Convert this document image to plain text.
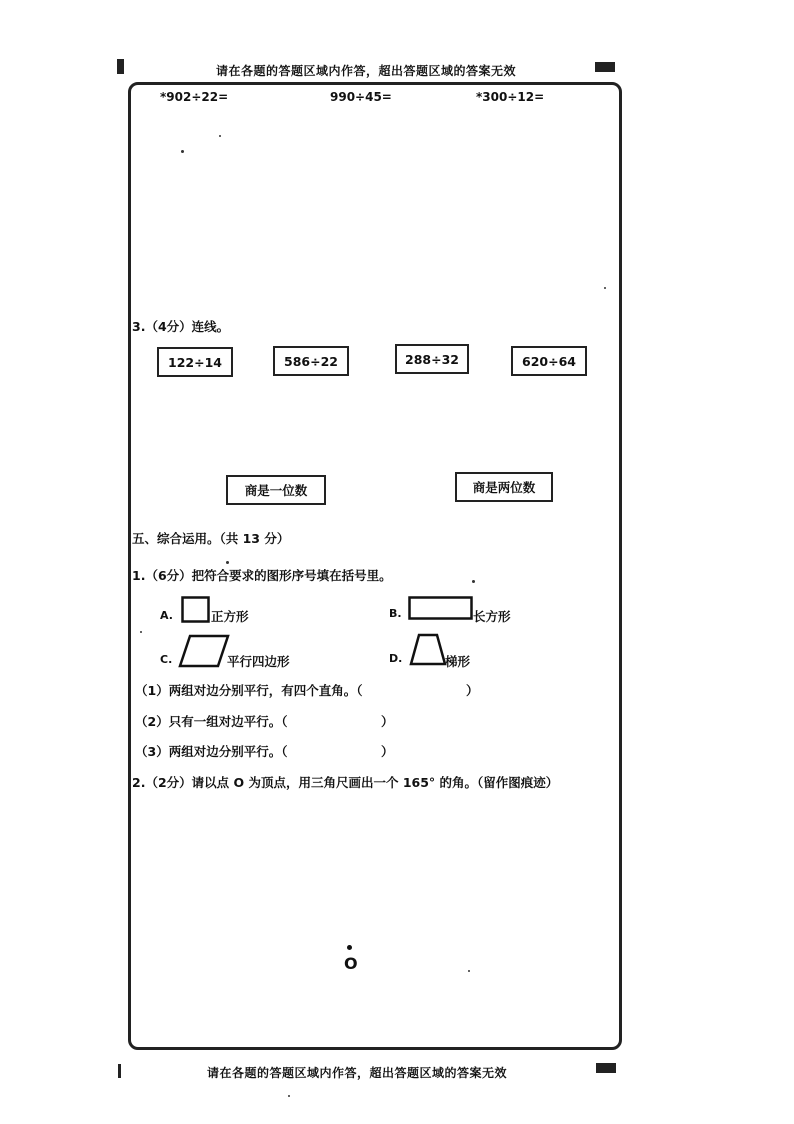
请在各题的答题区域内作答，超出答题区域的答案无效
*902÷22=	990÷45=	*300÷12=
3.（4分）连线。
122÷14	586÷22	288÷32	620÷64
商是一位数	商是两位数
五、综合运用。（共 13 分）
1.（6分）把符合要求的图形序号填在括号里。
A.	正方形	B.	长方形
C.	平行四边形	D.	梯形
（1）两组对边分别平行，有四个直角。（	）
（2）只有一组对边平行。（	）
（3）两组对边分别平行。（	）
2.（2分）请以点 O 为顶点，用三角尺画出一个 165° 的角。（留作图痕迹）
O
请在各题的答题区域内作答，超出答题区域的答案无效
